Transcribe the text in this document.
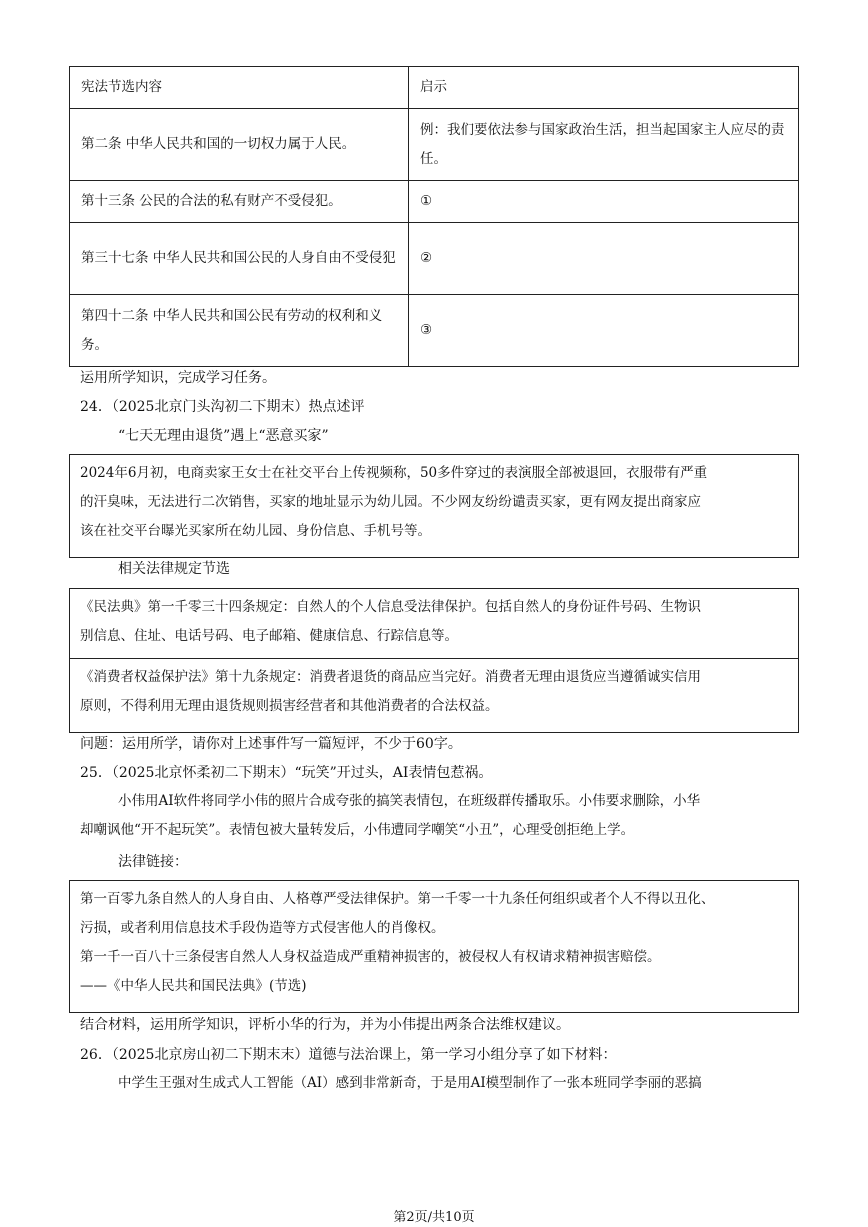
宪法节选内容	启示
第二条 中华人民共和国的一切权力属于人民。	例：我们要依法参与国家政治生活，担当起国家主人应尽的责任。
第十三条 公民的合法的私有财产不受侵犯。	①
第三十七条 中华人民共和国公民的人身自由不受侵犯	②
第四十二条 中华人民共和国公民有劳动的权利和义务。	③
运用所学知识，完成学习任务。
24．（2025北京门头沟初二下期末）热点述评
“七天无理由退货”遇上“恶意买家”
2024年6月初，电商卖家王女士在社交平台上传视频称，50多件穿过的表演服全部被退回，衣服带有严重
的汗臭味，无法进行二次销售，买家的地址显示为幼儿园。不少网友纷纷谴责买家，更有网友提出商家应
该在社交平台曝光买家所在幼儿园、身份信息、手机号等。
相关法律规定节选
《民法典》第一千零三十四条规定：自然人的个人信息受法律保护。包括自然人的身份证件号码、生物识
别信息、住址、电话号码、电子邮箱、健康信息、行踪信息等。
《消费者权益保护法》第十九条规定：消费者退货的商品应当完好。消费者无理由退货应当遵循诚实信用
原则，不得利用无理由退货规则损害经营者和其他消费者的合法权益。
问题：运用所学，请你对上述事件写一篇短评，不少于60字。
25．（2025北京怀柔初二下期末）“玩笑”开过头，AI表情包惹祸。
小伟用AI软件将同学小伟的照片合成夸张的搞笑表情包，在班级群传播取乐。小伟要求删除，小华
却嘲讽他“开不起玩笑”。表情包被大量转发后，小伟遭同学嘲笑“小丑”，心理受创拒绝上学。
法律链接：
第一百零九条自然人的人身自由、人格尊严受法律保护。第一千零一十九条任何组织或者个人不得以丑化、
污损，或者利用信息技术手段伪造等方式侵害他人的肖像权。
第一千一百八十三条侵害自然人人身权益造成严重精神损害的，被侵权人有权请求精神损害赔偿。
——《中华人民共和国民法典》(节选)
结合材料，运用所学知识，评析小华的行为，并为小伟提出两条合法维权建议。
26．（2025北京房山初二下期末末）道德与法治课上，第一学习小组分享了如下材料：
中学生王强对生成式人工智能（AI）感到非常新奇，于是用AI模型制作了一张本班同学李丽的恶搞
第2页/共10页
